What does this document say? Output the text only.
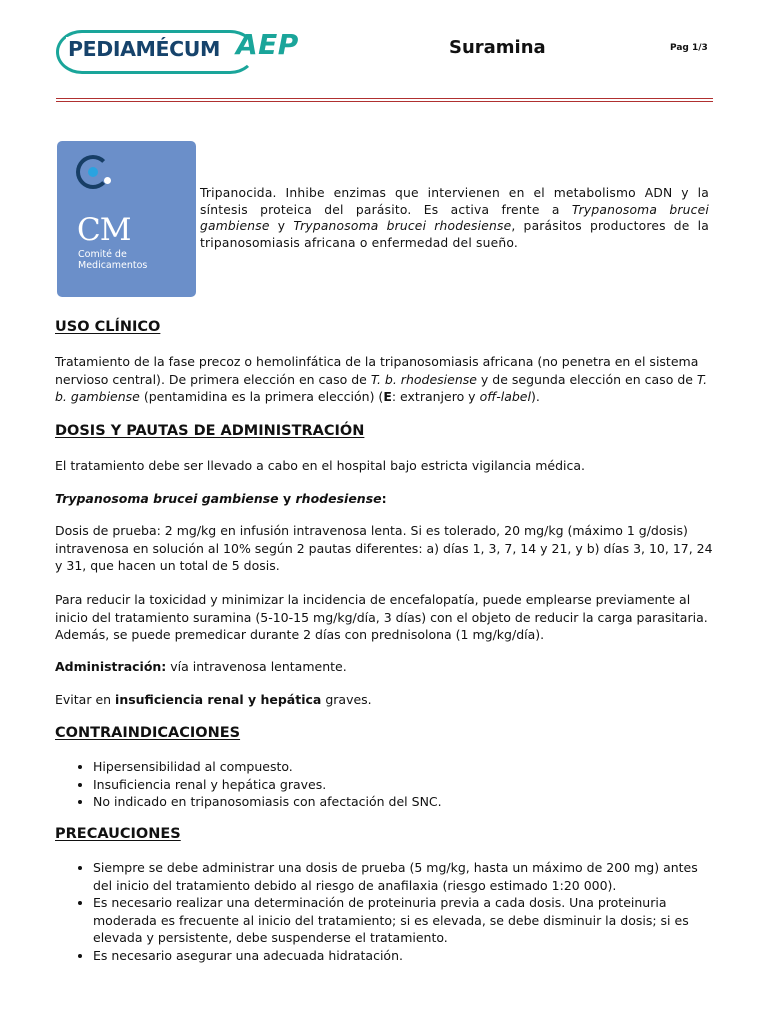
PEDIAMÉCUM AEP	Suramina	Pag 1/3
CM
Comité de
Medicamentos
Tripanocida. Inhibe enzimas que intervienen en el metabolismo ADN y la síntesis proteica del parásito. Es activa frente a Trypanosoma brucei gambiense y Trypanosoma brucei rhodesiense, parásitos productores de la tripanosomiasis africana o enfermedad del sueño.
USO CLÍNICO
Tratamiento de la fase precoz o hemolinfática de la tripanosomiasis africana (no penetra en el sistema nervioso central). De primera elección en caso de T. b. rhodesiense y de segunda elección en caso de T. b. gambiense (pentamidina es la primera elección) (E: extranjero y off-label).
DOSIS Y PAUTAS DE ADMINISTRACIÓN
El tratamiento debe ser llevado a cabo en el hospital bajo estricta vigilancia médica.
Trypanosoma brucei gambiense y rhodesiense:
Dosis de prueba: 2 mg/kg en infusión intravenosa lenta. Si es tolerado, 20 mg/kg (máximo 1 g/dosis) intravenosa en solución al 10% según 2 pautas diferentes: a) días 1, 3, 7, 14 y 21, y b) días 3, 10, 17, 24 y 31, que hacen un total de 5 dosis.
Para reducir la toxicidad y minimizar la incidencia de encefalopatía, puede emplearse previamente al inicio del tratamiento suramina (5-10-15 mg/kg/día, 3 días) con el objeto de reducir la carga parasitaria. Además, se puede premedicar durante 2 días con prednisolona (1 mg/kg/día).
Administración: vía intravenosa lentamente.
Evitar en insuficiencia renal y hepática graves.
CONTRAINDICACIONES
• Hipersensibilidad al compuesto.
• Insuficiencia renal y hepática graves.
• No indicado en tripanosomiasis con afectación del SNC.
PRECAUCIONES
• Siempre se debe administrar una dosis de prueba (5 mg/kg, hasta un máximo de 200 mg) antes del inicio del tratamiento debido al riesgo de anafilaxia (riesgo estimado 1:20 000).
• Es necesario realizar una determinación de proteinuria previa a cada dosis. Una proteinuria moderada es frecuente al inicio del tratamiento; si es elevada, se debe disminuir la dosis; si es elevada y persistente, debe suspenderse el tratamiento.
• Es necesario asegurar una adecuada hidratación.
